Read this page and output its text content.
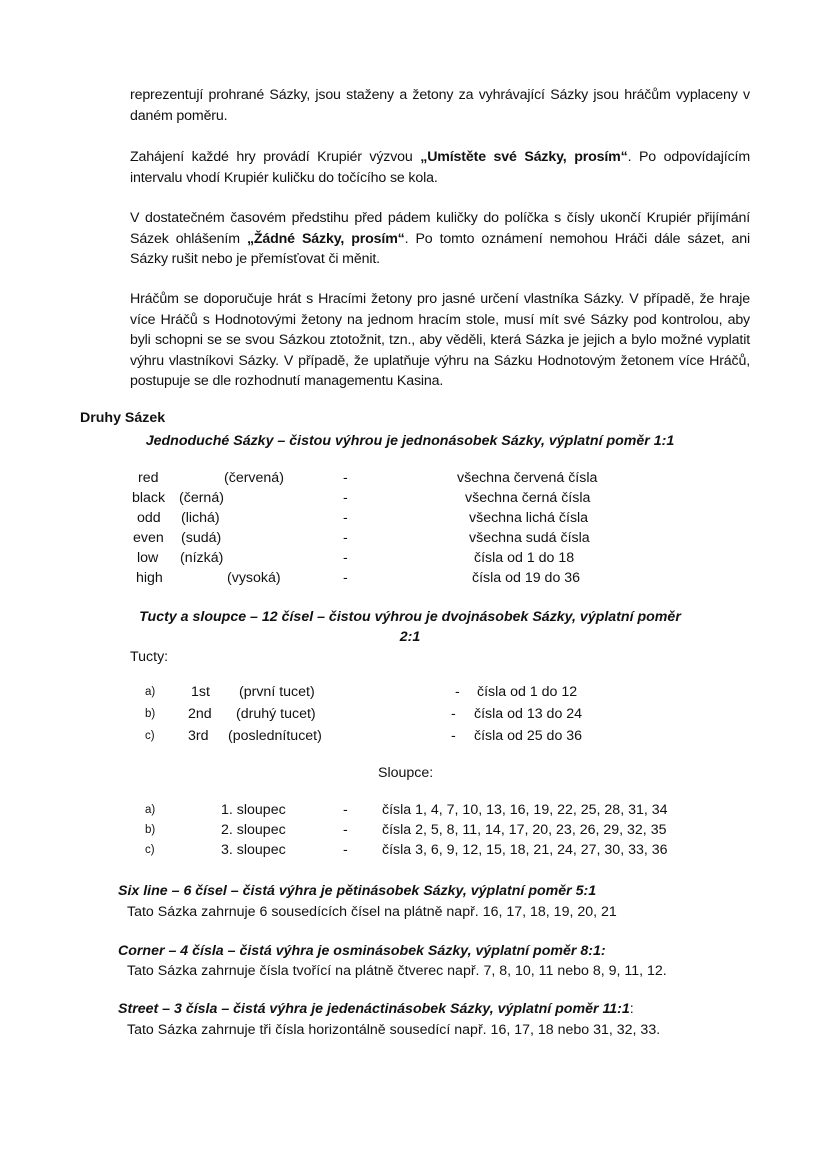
reprezentují prohrané Sázky, jsou staženy a žetony za vyhrávající Sázky jsou hráčům vyplaceny v daném poměru.
Zahájení každé hry provádí Krupiér výzvou „Umístěte své Sázky, prosím“. Po odpovídajícím intervalu vhodí Krupiér kuličku do točícího se kola.
V dostatečném časovém předstihu před pádem kuličky do políčka s čísly ukončí Krupiér přijímání Sázek ohlášením „Žádné Sázky, prosím“. Po tomto oznámení nemohou Hráči dále sázet, ani Sázky rušit nebo je přemísťovat či měnit.
Hráčům se doporučuje hrát s Hracími žetony pro jasné určení vlastníka Sázky. V případě, že hraje více Hráčů s Hodnotovými žetony na jednom hracím stole, musí mít své Sázky pod kontrolou, aby byli schopni se se svou Sázkou ztotožnit, tzn., aby věděli, která Sázka je jejich a bylo možné vyplatit výhru vlastníkovi Sázky. V případě, že uplatňuje výhru na Sázku Hodnotovým žetonem více Hráčů, postupuje se dle rozhodnutí managementu Kasina.
Druhy Sázek
Jednoduché Sázky – čistou výhrou je jednonásobek Sázky, výplatní poměr 1:1
red	(červená)	-	všechna červená čísla
black (černá)	-	všechna černá čísla
odd (lichá)	-	všechna lichá čísla
even (sudá)	-	všechna sudá čísla
low (nízká)	-	čísla od 1 do 18
high	(vysoká)	-	čísla od 19 do 36
Tucty a sloupce – 12 čísel – čistou výhrou je dvojnásobek Sázky, výplatní poměr
2:1
Tucty:
a)	1st (první tucet)	- čísla od 1 do 12
b) 2nd (druhý tucet)	- čísla od 13 do 24
c) 3rd (poslednítucet)	- čísla od 25 do 36
Sloupce:
a)	1. sloupec	- čísla 1, 4, 7, 10, 13, 16, 19, 22, 25, 28, 31, 34
b)	2. sloupec	- čísla 2, 5, 8, 11, 14, 17, 20, 23, 26, 29, 32, 35
c)	3. sloupec	- čísla 3, 6, 9, 12, 15, 18, 21, 24, 27, 30, 33, 36
Six line – 6 čísel – čistá výhra je pětinásobek Sázky, výplatní poměr 5:1
Tato Sázka zahrnuje 6 sousedících čísel na plátně např. 16, 17, 18, 19, 20, 21
Corner – 4 čísla – čistá výhra je osminásobek Sázky, výplatní poměr 8:1:
Tato Sázka zahrnuje čísla tvořící na plátně čtverec např. 7, 8, 10, 11 nebo 8, 9, 11, 12.
Street – 3 čísla – čistá výhra je jedenáctinásobek Sázky, výplatní poměr 11:1:
Tato Sázka zahrnuje tři čísla horizontálně sousedící např. 16, 17, 18 nebo 31, 32, 33.
